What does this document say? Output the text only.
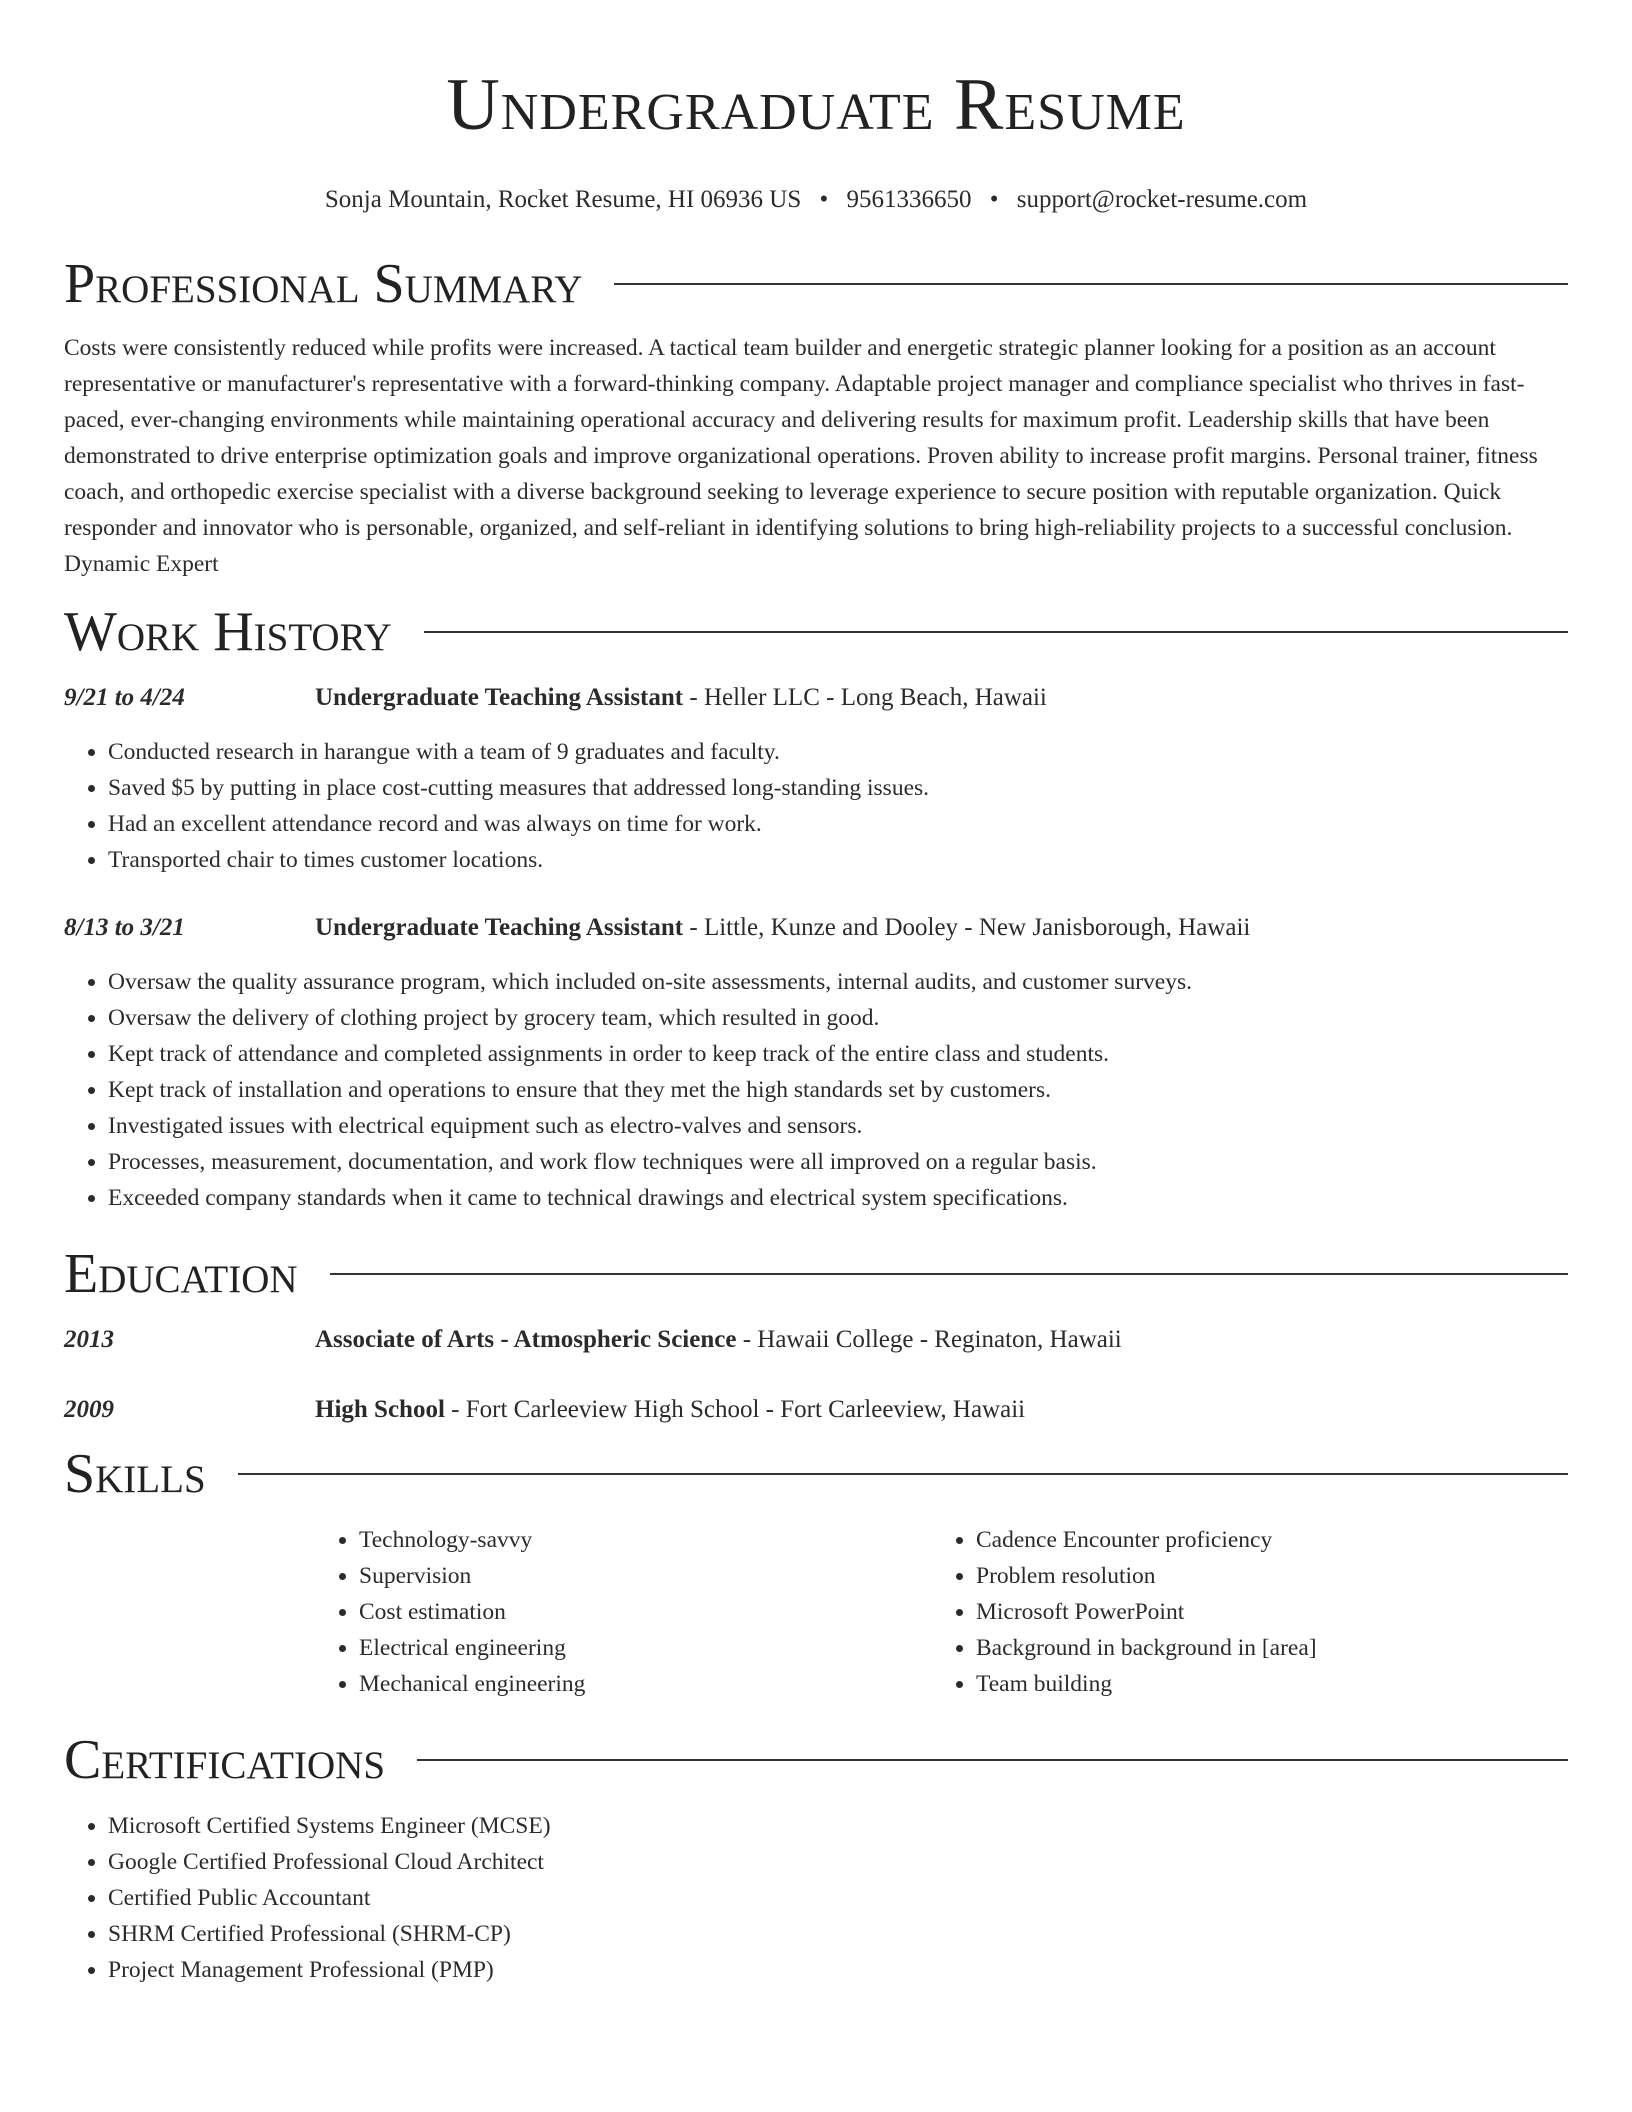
Undergraduate Resume
Sonja Mountain, Rocket Resume, HI 06936 US • 9561336650 • support@rocket-resume.com
Professional Summary

Costs were consistently reduced while profits were increased. A tactical team builder and energetic strategic planner looking for a position as an account representative or manufacturer's representative with a forward-thinking company. Adaptable project manager and compliance specialist who thrives in fast-paced, ever-changing environments while maintaining operational accuracy and delivering results for maximum profit. Leadership skills that have been demonstrated to drive enterprise optimization goals and improve organizational operations. Proven ability to increase profit margins. Personal trainer, fitness coach, and orthopedic exercise specialist with a diverse background seeking to leverage experience to secure position with reputable organization. Quick responder and innovator who is personable, organized, and self-reliant in identifying solutions to bring high-reliability projects to a successful conclusion. Dynamic Expert

Work History
9/21 to 4/24	Undergraduate Teaching Assistant - Heller LLC - Long Beach, Hawaii
• Conducted research in harangue with a team of 9 graduates and faculty.
• Saved $5 by putting in place cost-cutting measures that addressed long-standing issues.
• Had an excellent attendance record and was always on time for work.
• Transported chair to times customer locations.
8/13 to 3/21	Undergraduate Teaching Assistant - Little, Kunze and Dooley - New Janisborough, Hawaii
• Oversaw the quality assurance program, which included on-site assessments, internal audits, and customer surveys.
• Oversaw the delivery of clothing project by grocery team, which resulted in good.
• Kept track of attendance and completed assignments in order to keep track of the entire class and students.
• Kept track of installation and operations to ensure that they met the high standards set by customers.
• Investigated issues with electrical equipment such as electro-valves and sensors.
• Processes, measurement, documentation, and work flow techniques were all improved on a regular basis.
• Exceeded company standards when it came to technical drawings and electrical system specifications.
Education
2013	Associate of Arts - Atmospheric Science - Hawaii College - Reginaton, Hawaii
2009	High School - Fort Carleeview High School - Fort Carleeview, Hawaii
Skills
• Technology-savvy
• Supervision
• Cost estimation
• Electrical engineering
• Mechanical engineering
• Cadence Encounter proficiency
• Problem resolution
• Microsoft PowerPoint
• Background in background in [area]
• Team building
Certifications
• Microsoft Certified Systems Engineer (MCSE)
• Google Certified Professional Cloud Architect
• Certified Public Accountant
• SHRM Certified Professional (SHRM-CP)
• Project Management Professional (PMP)
